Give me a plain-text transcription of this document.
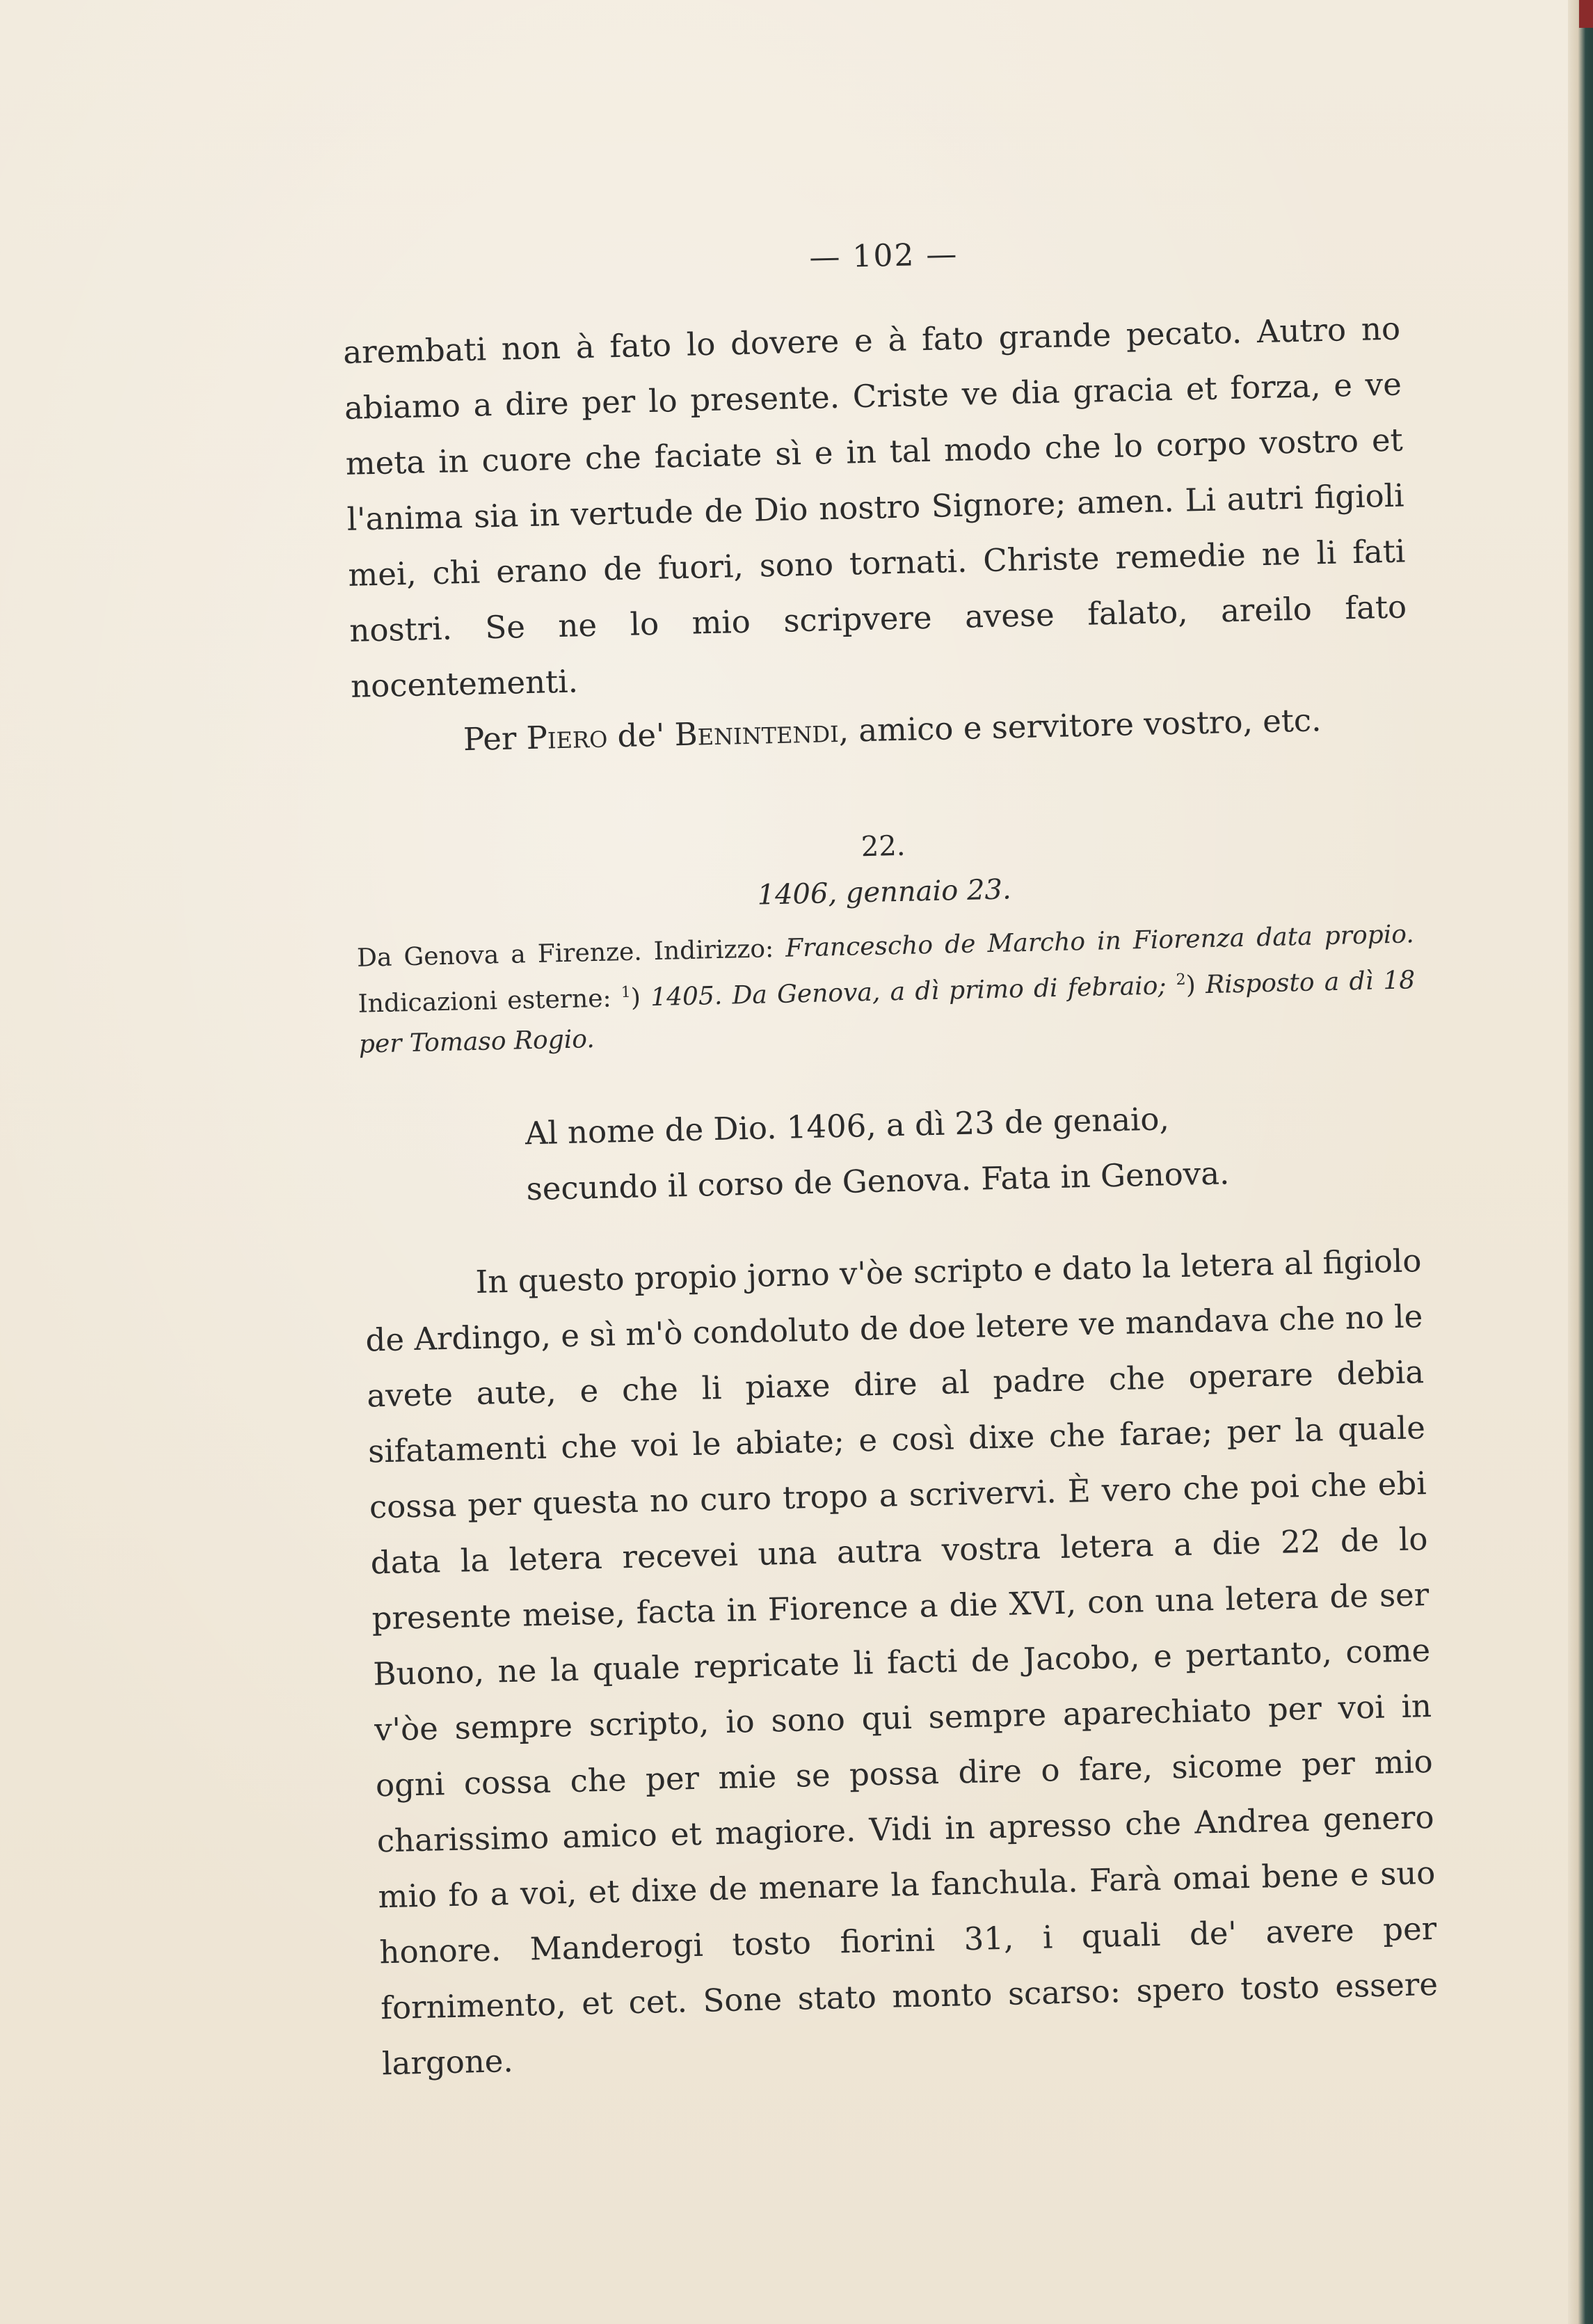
— 102 —

arembati non à fato lo dovere e à fato grande pecato. Autro no abiamo a dire per lo presente. Criste ve dia gracia et forza, e ve meta in cuore che faciate sì e in tal modo che lo corpo vostro et l'anima sia in vertude de Dio nostro Signore; amen. Li autri figioli mei, chi erano de fuori, sono tornati. Christe remedie ne li fati nostri. Se ne lo mio scripvere avese falato, areilo fato nocentementi.

Per Piero de' Benintendi, amico e servitore vostro, etc.

22.
1406, gennaio 23.

Da Genova a Firenze. Indirizzo: Francescho de Marcho in Fiorenza data propio. Indicazioni esterne: $^1$) 1405. Da Genova, a dì primo di febraio; $^2$) Risposto a dì 18 per Tomaso Rogio.

Al nome de Dio. 1406, a dì 23 de genaio,
secundo il corso de Genova. Fata in Genova.

In questo propio jorno v'òe scripto e dato la letera al figiolo de Ardingo, e sì m'ò condoluto de doe letere ve mandava che no le avete aute, e che li piaxe dire al padre che operare debia sifatamenti che voi le abiate; e così dixe che farae; per la quale cossa per questa no curo tropo a scrivervi. È vero che poi che ebi data la letera recevei una autra vostra letera a die 22 de lo presente meise, facta in Fiorence a die XVI, con una letera de ser Buono, ne la quale repricate li facti de Jacobo, e pertanto, come v'òe sempre scripto, io sono qui sempre aparechiato per voi in ogni cossa che per mie se possa dire o fare, sicome per mio charissimo amico et magiore. Vidi in apresso che Andrea genero mio fo a voi, et dixe de menare la fanchula. Farà omai bene e suo honore. Manderogi tosto fiorini 31, i quali de' avere per fornimento, et cet. Sone stato monto scarso: spero tosto essere largone.
